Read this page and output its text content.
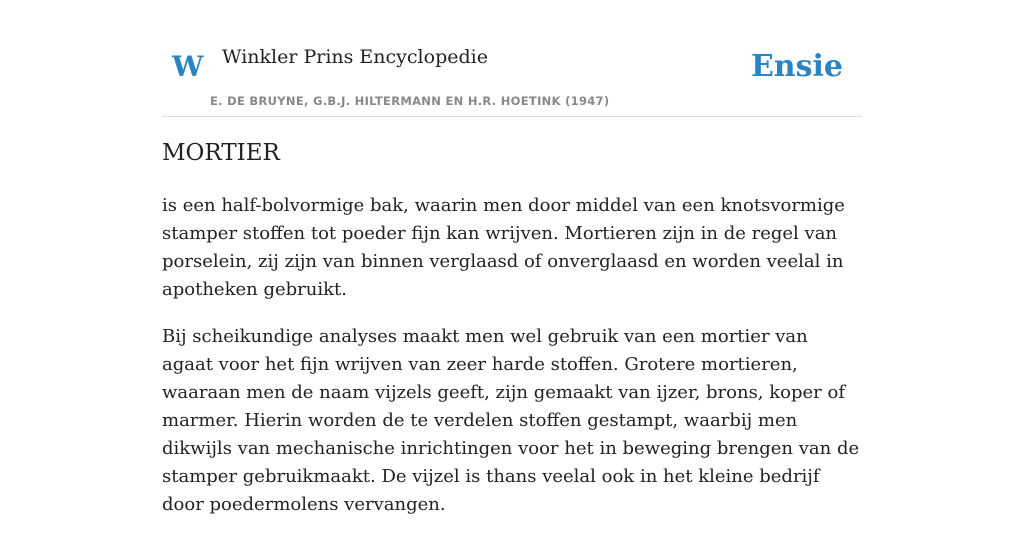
W Winkler Prins Encyclopedie
E. DE BRUYNE, G.B.J. HILTERMANN EN H.R. HOETINK (1947)
Ensie
MORTIER

is een half-bolvormige bak, waarin men door middel van een knotsvormige stamper stoffen tot poeder fijn kan wrijven. Mortieren zijn in de regel van porselein, zij zijn van binnen verglaasd of onverglaasd en worden veelal in apotheken gebruikt.

Bij scheikundige analyses maakt men wel gebruik van een mortier van agaat voor het fijn wrijven van zeer harde stoffen. Grotere mortieren, waaraan men de naam vijzels geeft, zijn gemaakt van ijzer, brons, koper of marmer. Hierin worden de te verdelen stoffen gestampt, waarbij men dikwijls van mechanische inrichtingen voor het in beweging brengen van de stamper gebruikmaakt. De vijzel is thans veelal ook in het kleine bedrijf door poedermolens vervangen.
